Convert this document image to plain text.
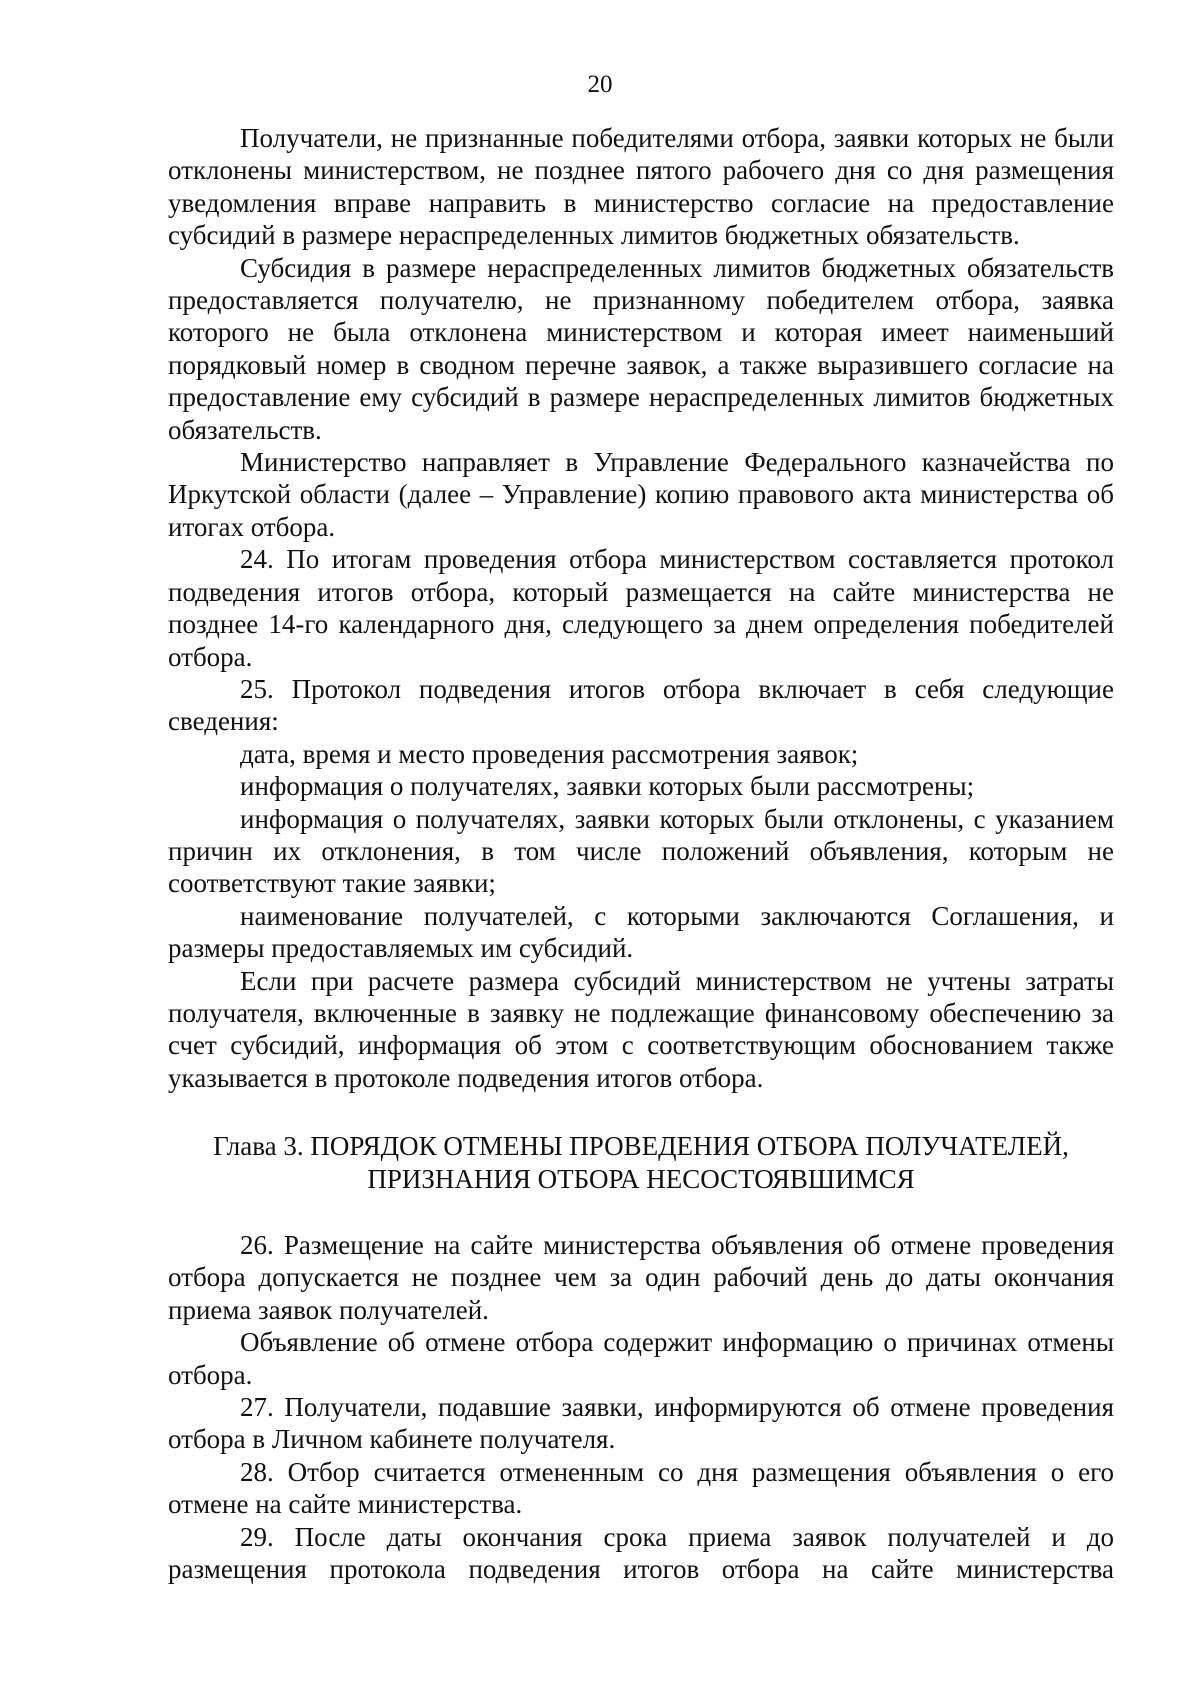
20

Получатели, не признанные победителями отбора, заявки которых не были отклонены министерством, не позднее пятого рабочего дня со дня размещения уведомления вправе направить в министерство согласие на предоставление субсидий в размере нераспределенных лимитов бюджетных обязательств.

Субсидия в размере нераспределенных лимитов бюджетных обязательств предоставляется получателю, не признанному победителем отбора, заявка которого не была отклонена министерством и которая имеет наименьший порядковый номер в сводном перечне заявок, а также выразившего согласие на предоставление ему субсидий в размере нераспределенных лимитов бюджетных обязательств.

Министерство направляет в Управление Федерального казначейства по Иркутской области (далее – Управление) копию правового акта министерства об итогах отбора.

24. По итогам проведения отбора министерством составляется протокол подведения итогов отбора, который размещается на сайте министерства не позднее 14-го календарного дня, следующего за днем определения победителей отбора.

25. Протокол подведения итогов отбора включает в себя следующие сведения:

дата, время и место проведения рассмотрения заявок;

информация о получателях, заявки которых были рассмотрены;

информация о получателях, заявки которых были отклонены, с указанием причин их отклонения, в том числе положений объявления, которым не соответствуют такие заявки;

наименование получателей, с которыми заключаются Соглашения, и размеры предоставляемых им субсидий.

Если при расчете размера субсидий министерством не учтены затраты получателя, включенные в заявку не подлежащие финансовому обеспечению за счет субсидий, информация об этом с соответствующим обоснованием также указывается в протоколе подведения итогов отбора.

Глава 3. ПОРЯДОК ОТМЕНЫ ПРОВЕДЕНИЯ ОТБОРА ПОЛУЧАТЕЛЕЙ,
ПРИЗНАНИЯ ОТБОРА НЕСОСТОЯВШИМСЯ

26. Размещение на сайте министерства объявления об отмене проведения отбора допускается не позднее чем за один рабочий день до даты окончания приема заявок получателей.

Объявление об отмене отбора содержит информацию о причинах отмены отбора.

27. Получатели, подавшие заявки, информируются об отмене проведения отбора в Личном кабинете получателя.

28. Отбор считается отмененным со дня размещения объявления о его отмене на сайте министерства.

29. После даты окончания срока приема заявок получателей и до размещения протокола подведения итогов отбора на сайте министерства
